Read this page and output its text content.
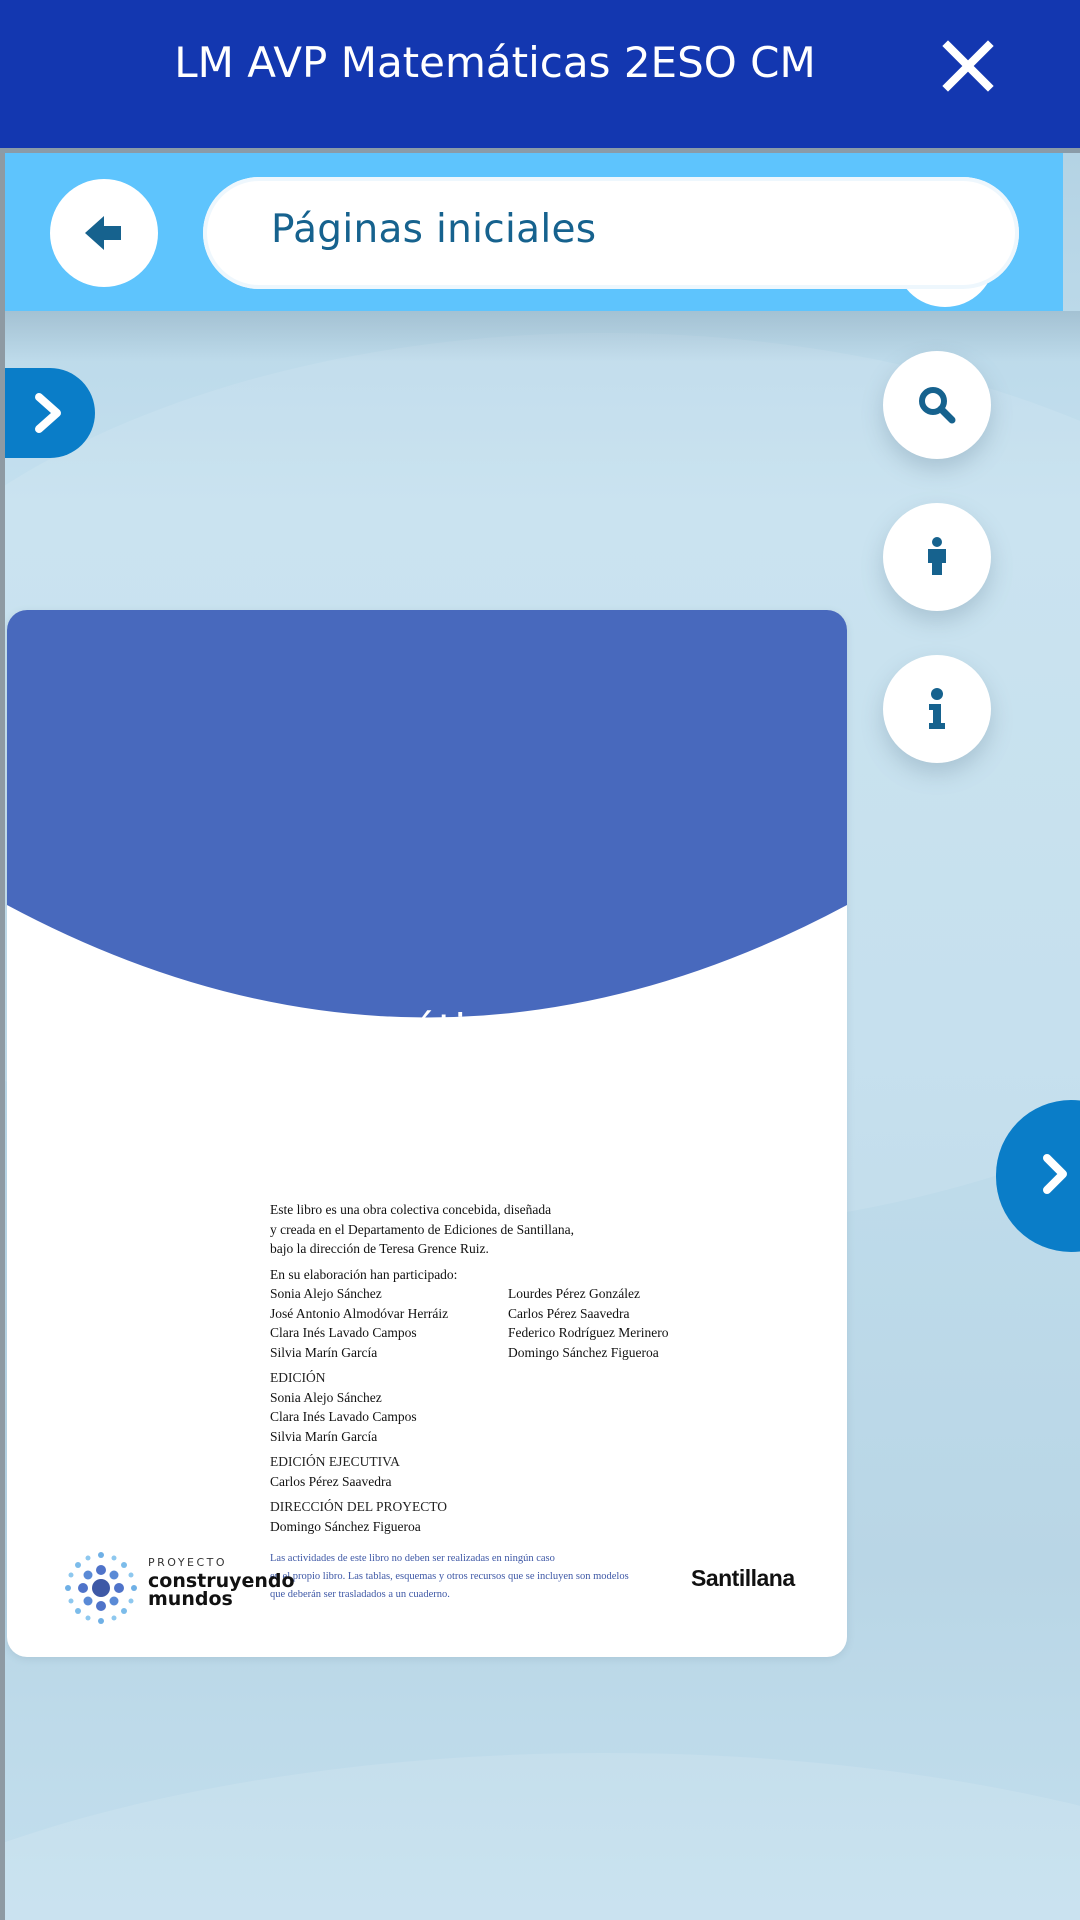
LM AVP Matemáticas 2ESO CM
Páginas iniciales
Matemáticas 2 ESO
Este libro es una obra colectiva concebida, diseñada
y creada en el Departamento de Ediciones de Santillana,
bajo la dirección de Teresa Grence Ruiz.
En su elaboración han participado:
Sonia Alejo Sánchez
José Antonio Almodóvar Herráiz
Clara Inés Lavado Campos
Silvia Marín García
Lourdes Pérez González
Carlos Pérez Saavedra
Federico Rodríguez Merinero
Domingo Sánchez Figueroa
EDICIÓN
Sonia Alejo Sánchez
Clara Inés Lavado Campos
Silvia Marín García
EDICIÓN EJECUTIVA
Carlos Pérez Saavedra
DIRECCIÓN DEL PROYECTO
Domingo Sánchez Figueroa
Las actividades de este libro no deben ser realizadas en ningún caso
en el propio libro. Las tablas, esquemas y otros recursos que se incluyen son modelos
que deberán ser trasladados a un cuaderno.
PROYECTO
construyendo
mundos
Santillana
